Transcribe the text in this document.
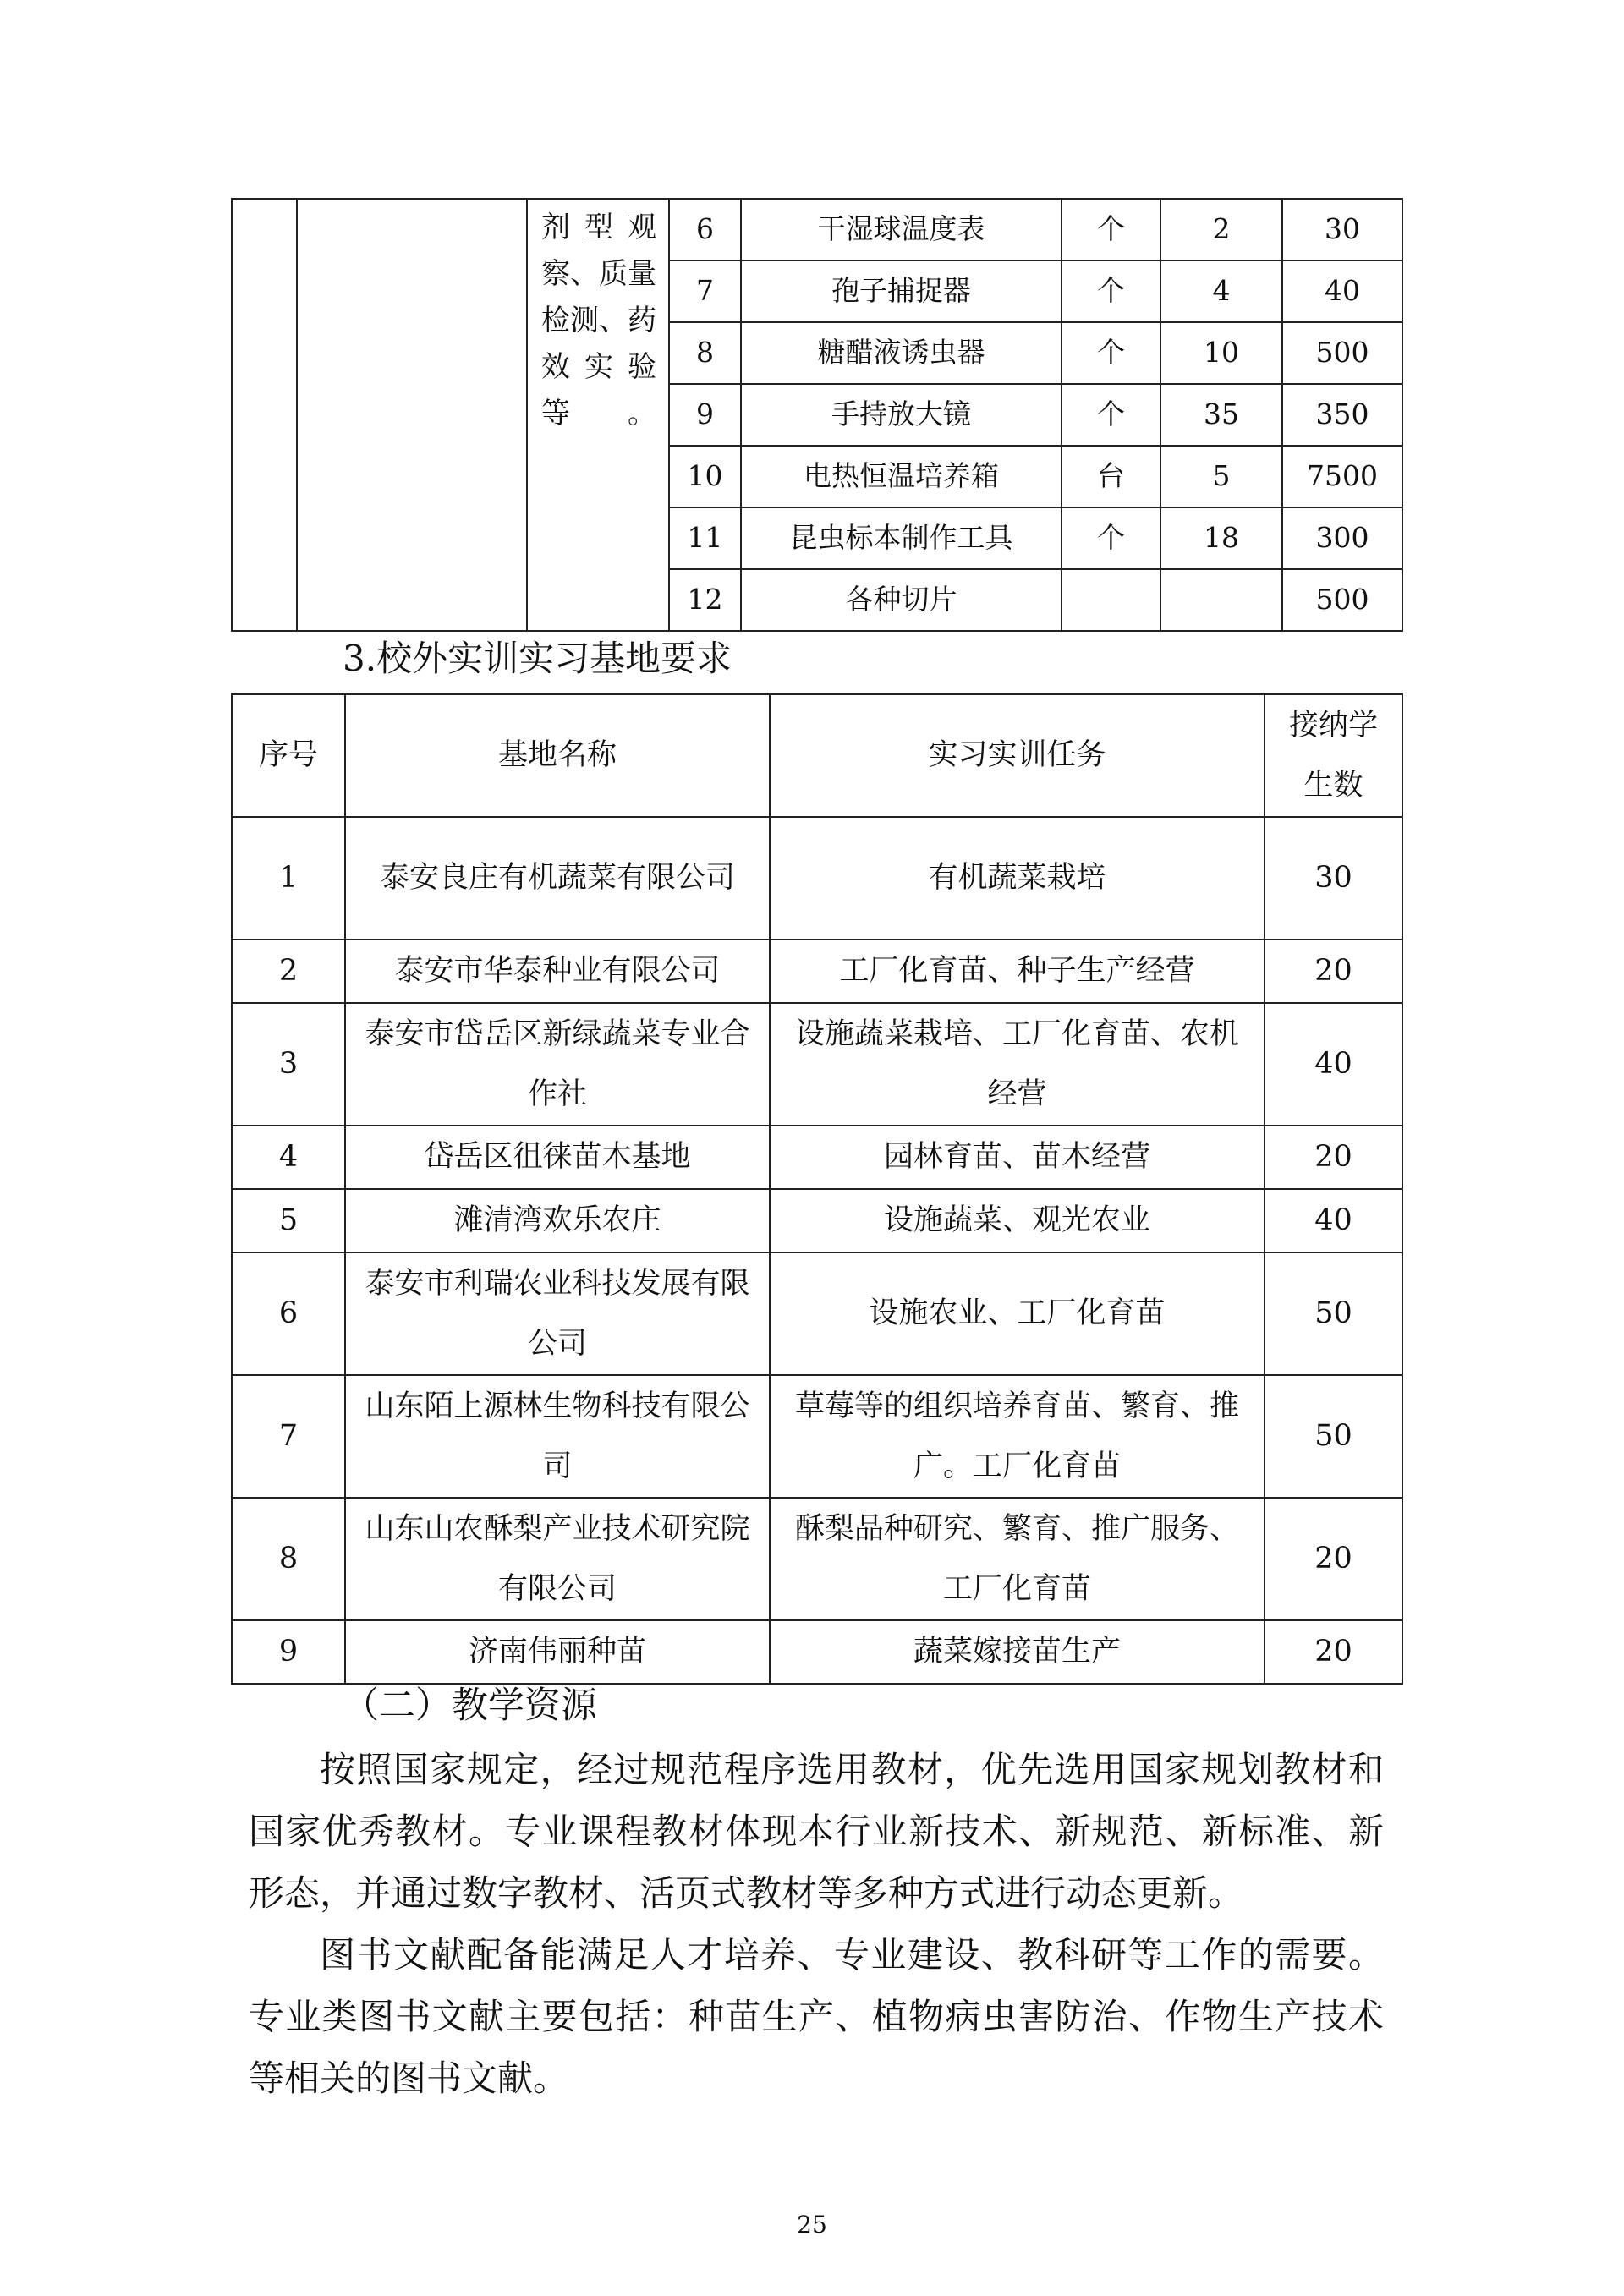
		剂型观察、质量检测、药效实验等。	6	干湿球温度表	个	2	30
			7	孢子捕捉器	个	4	40
			8	糖醋液诱虫器	个	10	500
			9	手持放大镜	个	35	350
			10	电热恒温培养箱	台	5	7500
			11	昆虫标本制作工具	个	18	300
			12	各种切片			500
3.校外实训实习基地要求
序号	基地名称	实习实训任务	接纳学生数
1	泰安良庄有机蔬菜有限公司	有机蔬菜栽培	30
2	泰安市华泰种业有限公司	工厂化育苗、种子生产经营	20
3	泰安市岱岳区新绿蔬菜专业合作社	设施蔬菜栽培、工厂化育苗、农机经营	40
4	岱岳区徂徕苗木基地	园林育苗、苗木经营	20
5	滩清湾欢乐农庄	设施蔬菜、观光农业	40
6	泰安市利瑞农业科技发展有限公司	设施农业、工厂化育苗	50
7	山东陌上源林生物科技有限公司	草莓等的组织培养育苗、繁育、推广。工厂化育苗	50
8	山东山农酥梨产业技术研究院有限公司	酥梨品种研究、繁育、推广服务、工厂化育苗	20
9	济南伟丽种苗	蔬菜嫁接苗生产	20
（二）教学资源

按照国家规定，经过规范程序选用教材，优先选用国家规划教材和国家优秀教材。专业课程教材体现本行业新技术、新规范、新标准、新形态，并通过数字教材、活页式教材等多种方式进行动态更新。

图书文献配备能满足人才培养、专业建设、教科研等工作的需要。专业类图书文献主要包括：种苗生产、植物病虫害防治、作物生产技术等相关的图书文献。

25
